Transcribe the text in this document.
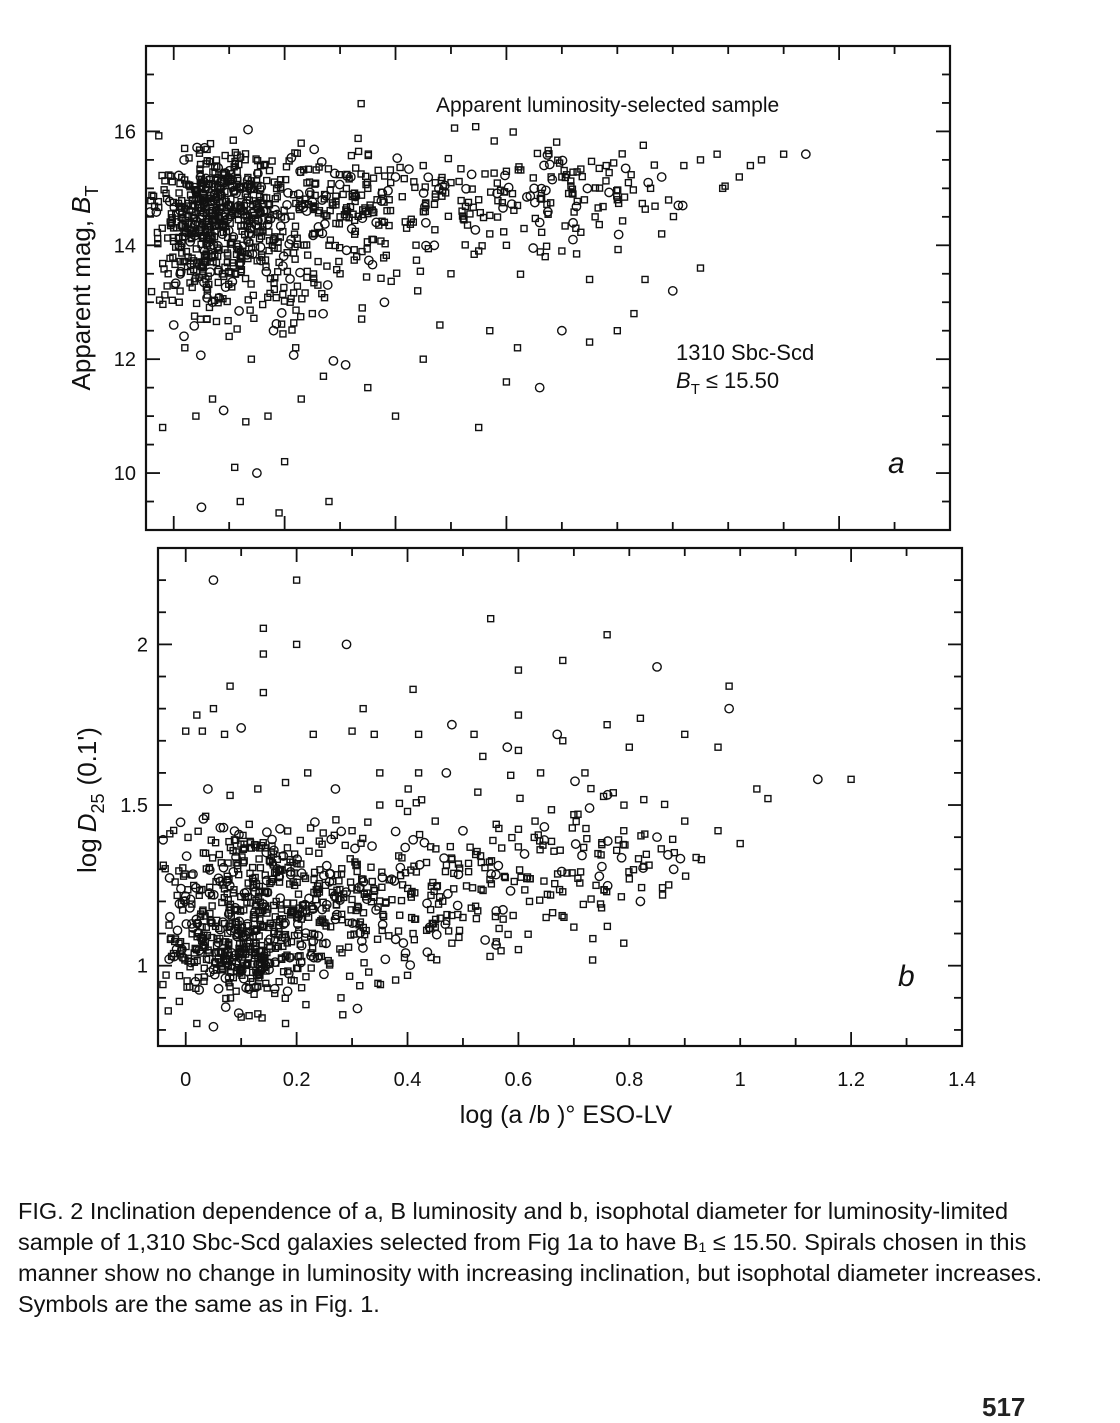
16
14
12
10
Apparent luminosity-selected sample
1310 Sbc-Scd
$B_T \le 15.50$
a
Apparent $mag,B_T$
1
1.5
2
0	0.2	0.4	0.6	0.8	1	1.2	1.4
b
logD$_{25}$(0.1')
log (a /b )° ESO-LV

FIG. 2 Inclination dependence of a, B luminosity and b, isophotal diameter for luminosity-limited sample of 1,310 Sbc-Scd galaxies selected from Fig 1a to have B₁ ≤ 15.50. Spirals chosen in this manner show no change in luminosity with increasing inclination, but isophotal diameter increases. Symbols are the same as in Fig. 1.

517
